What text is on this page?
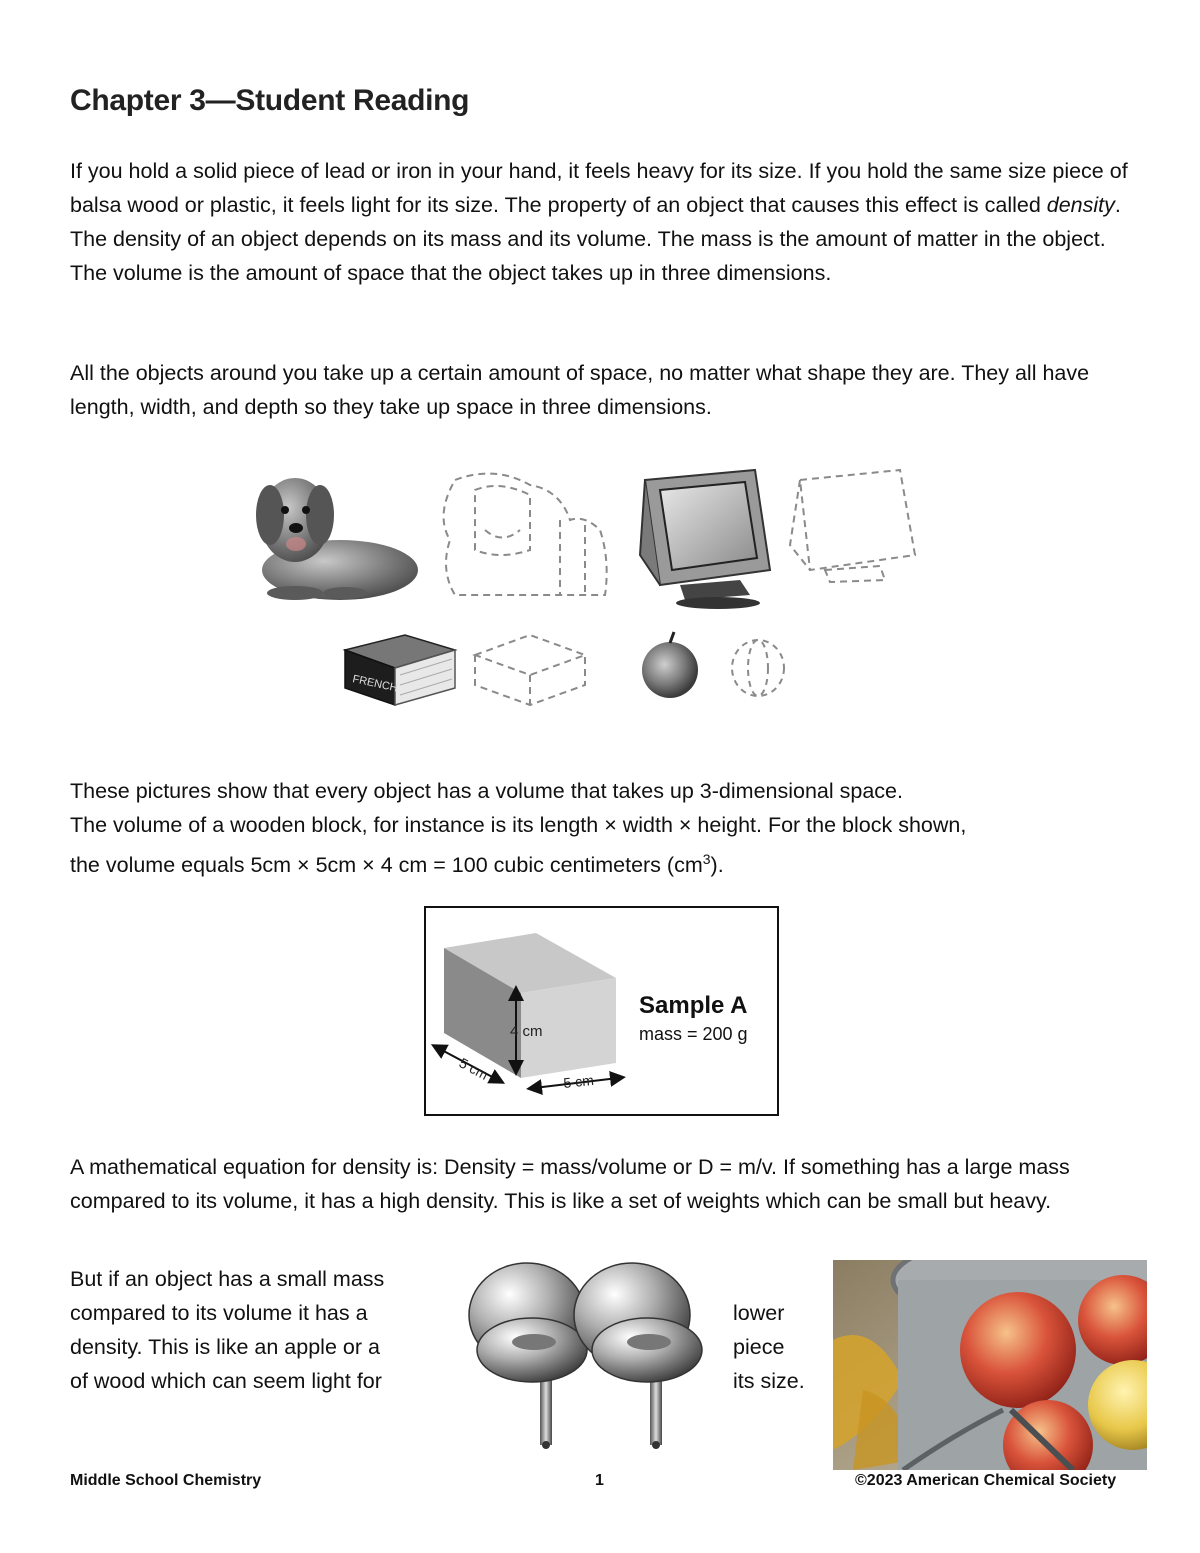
Chapter 3—Student Reading
If you hold a solid piece of lead or iron in your hand, it feels heavy for its size. If you hold the same size piece of balsa wood or plastic, it feels light for its size. The property of an object that causes this effect is called density. The density of an object depends on its mass and its volume. The mass is the amount of matter in the object. The volume is the amount of space that the object takes up in three dimensions.
All the objects around you take up a certain amount of space, no matter what shape they are. They all have length, width, and depth so they take up space in three dimensions.
FRENCH
These pictures show that every object has a volume that takes up 3-dimensional space.
The volume of a wooden block, for instance is its length × width × height. For the block shown,
the volume equals 5cm × 5cm × 4 cm = 100 cubic centimeters $(cm^3)$.
4 cm
5 cm	5 cm
Sample A
mass = 200 g
A mathematical equation for density is: Density = mass/volume or D = m/v. If something has a large mass compared to its volume, it has a high density. This is like a set of weights which can be small but heavy.
But if an object has a small mass
compared to its volume it has a
density. This is like an apple or a
of wood which can seem light for
lower
piece
its size.
Middle School Chemistry	1	©2023 American Chemical Society
